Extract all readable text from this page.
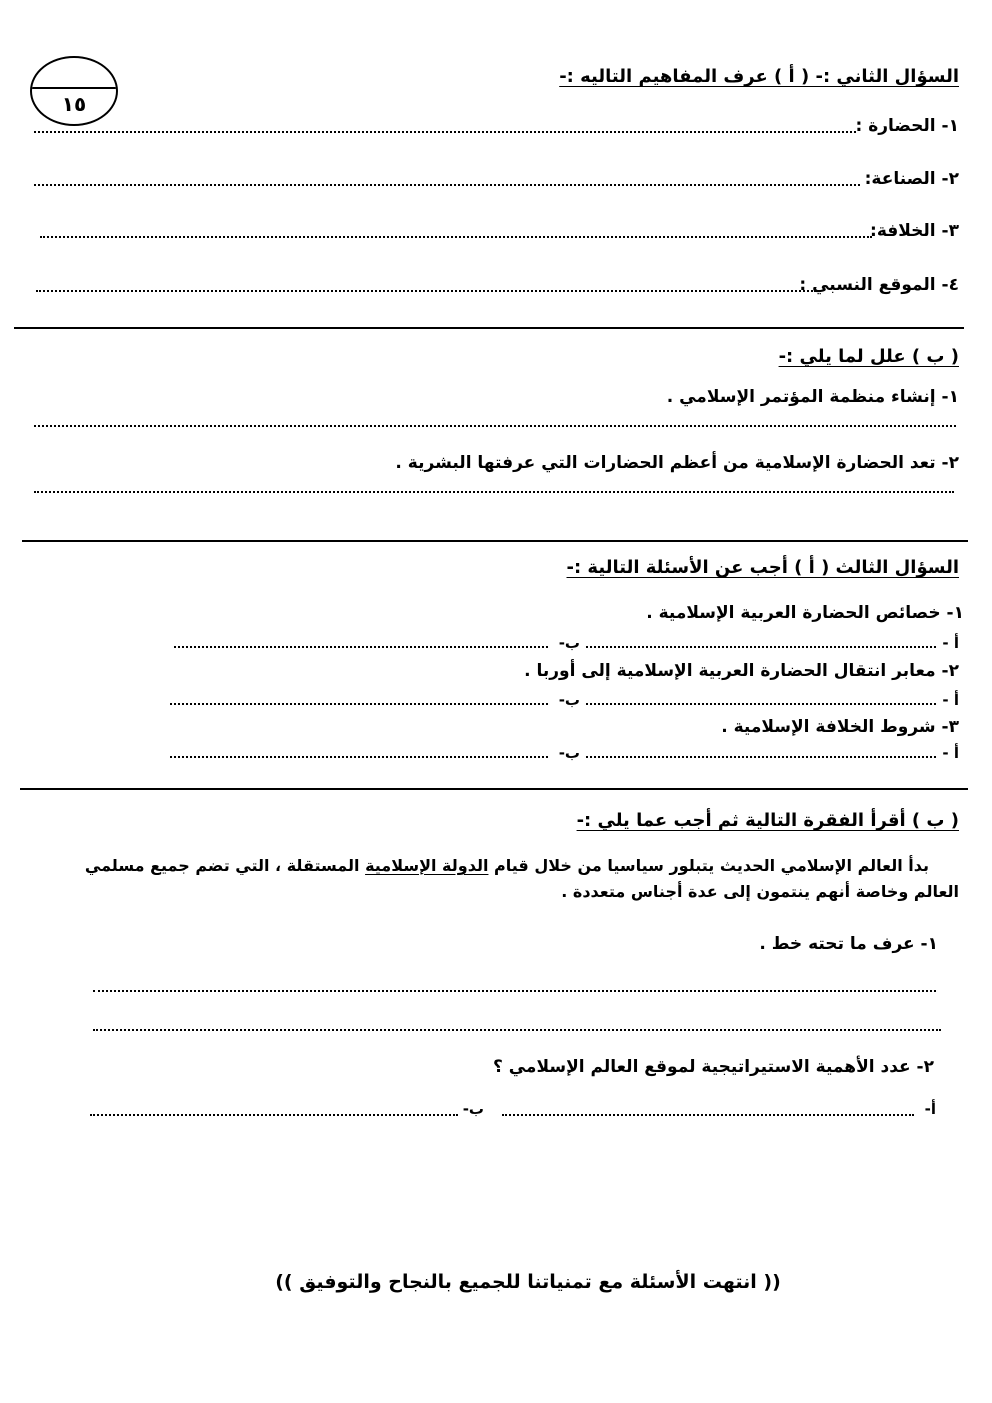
١٥
السؤال الثاني :- ( أ ) عرف المفاهيم التاليه :-
١- الحضارة :
٢- الصناعة:
٣- الخلافة:
٤- الموقع النسبي :
( ب ) علل لما يلي :-
١- إنشاء منظمة المؤتمر الإسلامي .
٢- تعد الحضارة الإسلامية من أعظم الحضارات التي عرفتها البشرية .
السؤال الثالث ( أ ) أجب عن الأسئلة التالية :-
١- خصائص الحضارة العربية الإسلامية .
أ -
ب-
٢- معابر انتقال الحضارة العربية الإسلامية إلى أوربا .
أ -
ب-
٣- شروط الخلافة الإسلامية .
أ -
ب-
( ب ) أقرأ الفقرة التالية ثم أجب عما يلي :-
بدأ العالم الإسلامي الحديث يتبلور سياسيا من خلال قيام الدولة الإسلامية المستقلة ، التي تضم جميع مسلمي العالم وخاصة أنهم ينتمون إلى عدة أجناس متعددة .
١- عرف ما تحته خط .
٢- عدد الأهمية الاستيراتيجية لموقع العالم الإسلامي ؟
أ-
ب-
(( انتهت الأسئلة مع تمنياتنا للجميع بالنجاح والتوفيق ))
